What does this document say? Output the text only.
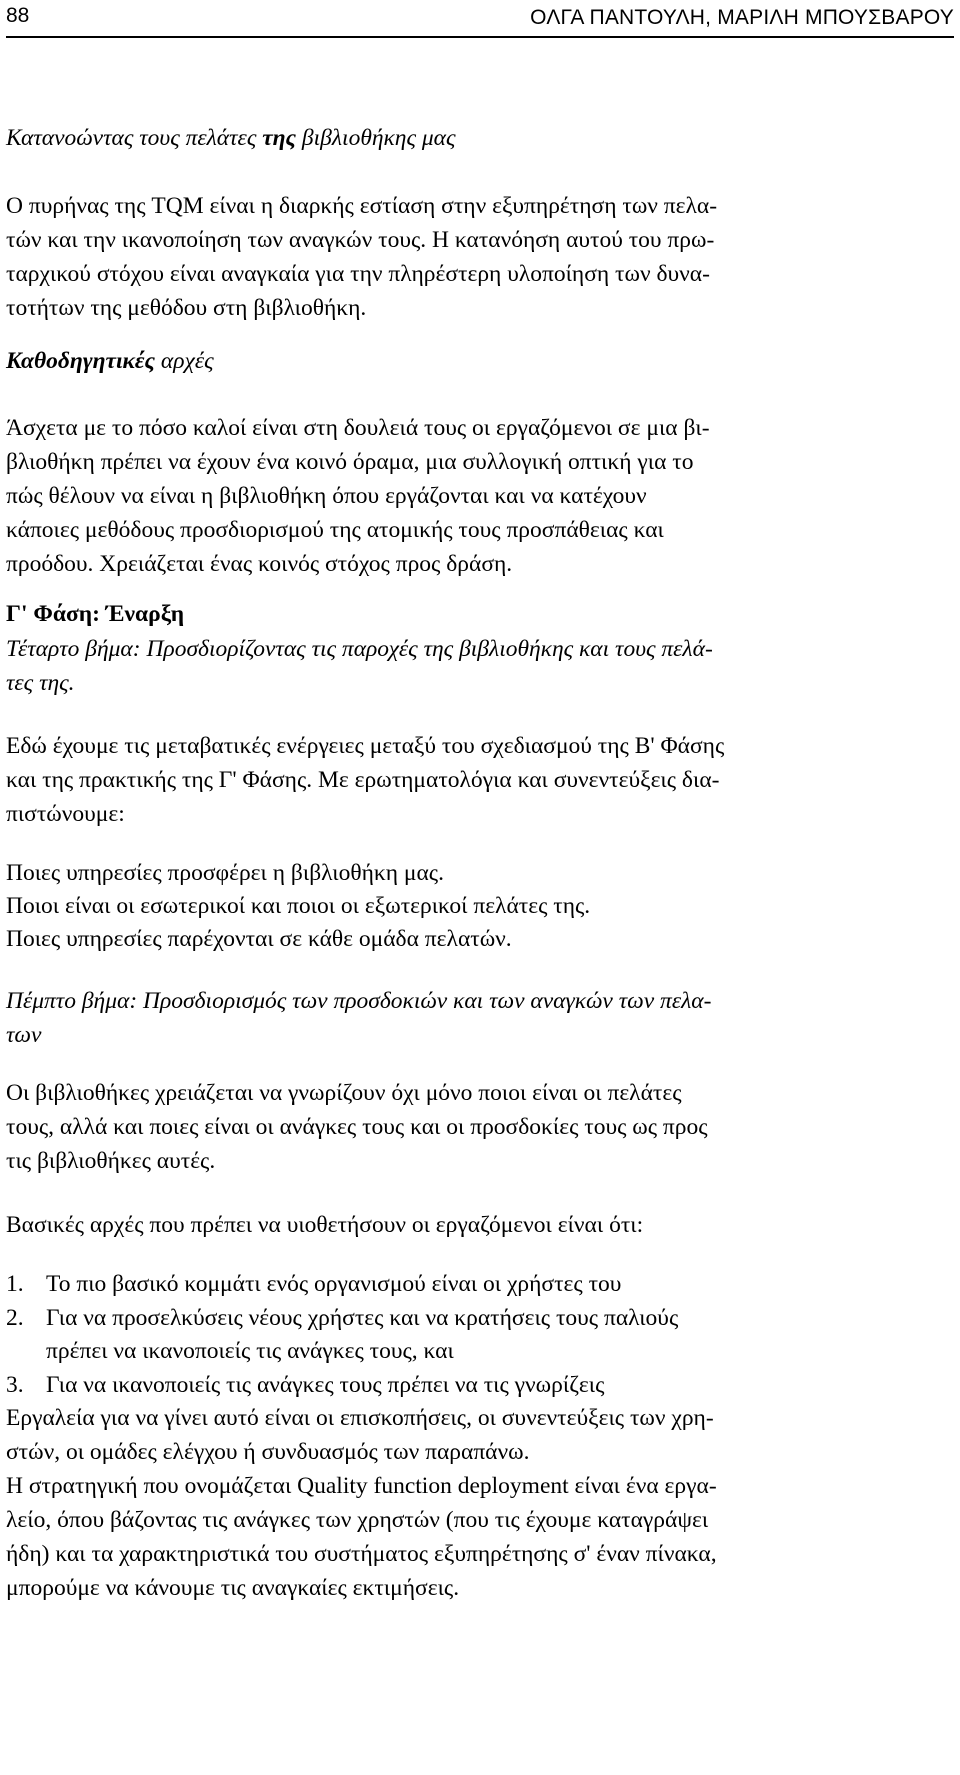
88	ΟΛΓΑ ΠΑΝΤΟΥΛΗ, ΜΑΡΙΛΗ ΜΠΟΥΣΒΑΡΟΥ
Κατανοώντας τους πελάτες της βιβλιοθήκης μας
Ο πυρήνας της TQM είναι η διαρκής εστίαση στην εξυπηρέτηση των πελα-
τών και την ικανοποίηση των αναγκών τους. Η κατανόηση αυτού του πρω-
ταρχικού στόχου είναι αναγκαία για την πληρέστερη υλοποίηση των δυνα-
τοτήτων της μεθόδου στη βιβλιοθήκη.
Καθοδηγητικές αρχές
Άσχετα με το πόσο καλοί είναι στη δουλειά τους οι εργαζόμενοι σε μια βι-
βλιοθήκη πρέπει να έχουν ένα κοινό όραμα, μια συλλογική οπτική για το
πώς θέλουν να είναι η βιβλιοθήκη όπου εργάζονται και να κατέχουν
κάποιες μεθόδους προσδιορισμού της ατομικής τους προσπάθειας και
προόδου. Χρειάζεται ένας κοινός στόχος προς δράση.
Γ' Φάση: Έναρξη
Τέταρτο βήμα: Προσδιορίζοντας τις παροχές της βιβλιοθήκης και τους πελά-
τες της.
Εδώ έχουμε τις μεταβατικές ενέργειες μεταξύ του σχεδιασμού της Β' Φάσης
και της πρακτικής της Γ' Φάσης. Με ερωτηματολόγια και συνεντεύξεις δια-
πιστώνουμε:
Ποιες υπηρεσίες προσφέρει η βιβλιοθήκη μας.
Ποιοι είναι οι εσωτερικοί και ποιοι οι εξωτερικοί πελάτες της.
Ποιες υπηρεσίες παρέχονται σε κάθε ομάδα πελατών.
Πέμπτο βήμα: Προσδιορισμός των προσδοκιών και των αναγκών των πελα-
των
Οι βιβλιοθήκες χρειάζεται να γνωρίζουν όχι μόνο ποιοι είναι οι πελάτες
τους, αλλά και ποιες είναι οι ανάγκες τους και οι προσδοκίες τους ως προς
τις βιβλιοθήκες αυτές.
Βασικές αρχές που πρέπει να υιοθετήσουν οι εργαζόμενοι είναι ότι:
1. Το πιο βασικό κομμάτι ενός οργανισμού είναι οι χρήστες του
2. Για να προσελκύσεις νέους χρήστες και να κρατήσεις τους παλιούς
πρέπει να ικανοποιείς τις ανάγκες τους, και
3. Για να ικανοποιείς τις ανάγκες τους πρέπει να τις γνωρίζεις
Εργαλεία για να γίνει αυτό είναι οι επισκοπήσεις, οι συνεντεύξεις των χρη-
στών, οι ομάδες ελέγχου ή συνδυασμός των παραπάνω.
Η στρατηγική που ονομάζεται Quality function deployment είναι ένα εργα-
λείο, όπου βάζοντας τις ανάγκες των χρηστών (που τις έχουμε καταγράψει
ήδη) και τα χαρακτηριστικά του συστήματος εξυπηρέτησης σ' έναν πίνακα,
μπορούμε να κάνουμε τις αναγκαίες εκτιμήσεις.
